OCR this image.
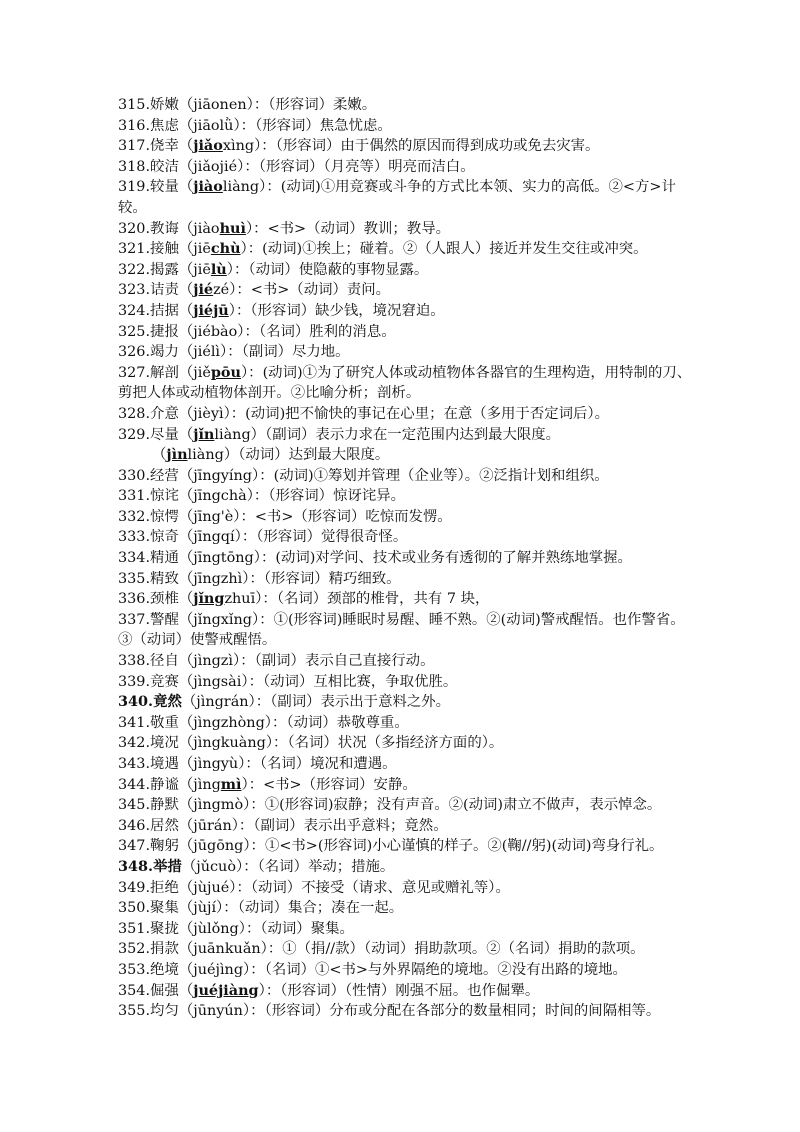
315.娇嫩（jiāonen）：（形容词）柔嫩。
316.焦虑（jiāolǜ）：（形容词）焦急忧虑。
317.侥幸（jiǎoxìng）：（形容词）由于偶然的原因而得到成功或免去灾害。
318.皎洁（jiǎojié）：（形容词）（月亮等）明亮而洁白。
319.较量（jiàoliàng）：(动词)①用竞赛或斗争的方式比本领、实力的高低。②<方>计较。
320.教诲（jiàohuì）：<书>（动词）教训；教导。
321.接触（jiēchù）：(动词)①挨上；碰着。②（人跟人）接近并发生交往或冲突。
322.揭露（jiēlù）：（动词）使隐蔽的事物显露。
323.诘责（jiézé）：<书>（动词）责问。
324.拮据（jiéjū）：（形容词）缺少钱，境况窘迫。
325.捷报（jiébào）：（名词）胜利的消息。
326.竭力（jiélì）：（副词）尽力地。
327.解剖（jiěpōu）：(动词)①为了研究人体或动植物体各器官的生理构造，用特制的刀、剪把人体或动植物体剖开。②比喻分析；剖析。
328.介意（jièyì）：(动词)把不愉快的事记在心里；在意（多用于否定词后）。
329.尽量（jǐnliàng）（副词）表示力求在一定范围内达到最大限度。
（jìnliàng）（动词）达到最大限度。
330.经营（jīngyíng）：(动词)①筹划并管理（企业等）。②泛指计划和组织。
331.惊诧（jīngchà）：（形容词）惊讶诧异。
332.惊愕（jīng'è）：<书>（形容词）吃惊而发愣。
333.惊奇（jīngqí）：（形容词）觉得很奇怪。
334.精通（jīngtōng）：(动词)对学问、技术或业务有透彻的了解并熟练地掌握。
335.精致（jīngzhì）：（形容词）精巧细致。
336.颈椎（jǐngzhuī）：（名词）颈部的椎骨，共有 7 块，
337.警醒（jǐngxǐng）：①(形容词)睡眠时易醒、睡不熟。②(动词)警戒醒悟。也作警省。③（动词）使警戒醒悟。
338.径自（jìngzì）：（副词）表示自己直接行动。
339.竞赛（jìngsài）：（动词）互相比赛，争取优胜。
340.竟然（jìngrán）：（副词）表示出于意料之外。
341.敬重（jìngzhòng）：（动词）恭敬尊重。
342.境况（jìngkuàng）：（名词）状况（多指经济方面的）。
343.境遇（jìngyù）：（名词）境况和遭遇。
344.静谧（jìngmì）：<书>（形容词）安静。
345.静默（jìngmò）：①(形容词)寂静；没有声音。②(动词)肃立不做声，表示悼念。
346.居然（jūrán）：（副词）表示出乎意料；竟然。
347.鞠躬（jūgōng）：①<书>(形容词)小心谨慎的样子。②(鞠//躬)(动词)弯身行礼。
348.举措（jǔcuò）：（名词）举动；措施。
349.拒绝（jùjué）：（动词）不接受（请求、意见或赠礼等）。
350.聚集（jùjí）：（动词）集合；凑在一起。
351.聚拢（jùlǒng）：（动词）聚集。
352.捐款（juānkuǎn）：①（捐//款）（动词）捐助款项。②（名词）捐助的款项。
353.绝境（juéjìng）：（名词）①<书>与外界隔绝的境地。②没有出路的境地。
354.倔强（juéjiàng）：（形容词）（性情）刚强不屈。也作倔犟。
355.均匀（jūnyún）：（形容词）分布或分配在各部分的数量相同；时间的间隔相等。
